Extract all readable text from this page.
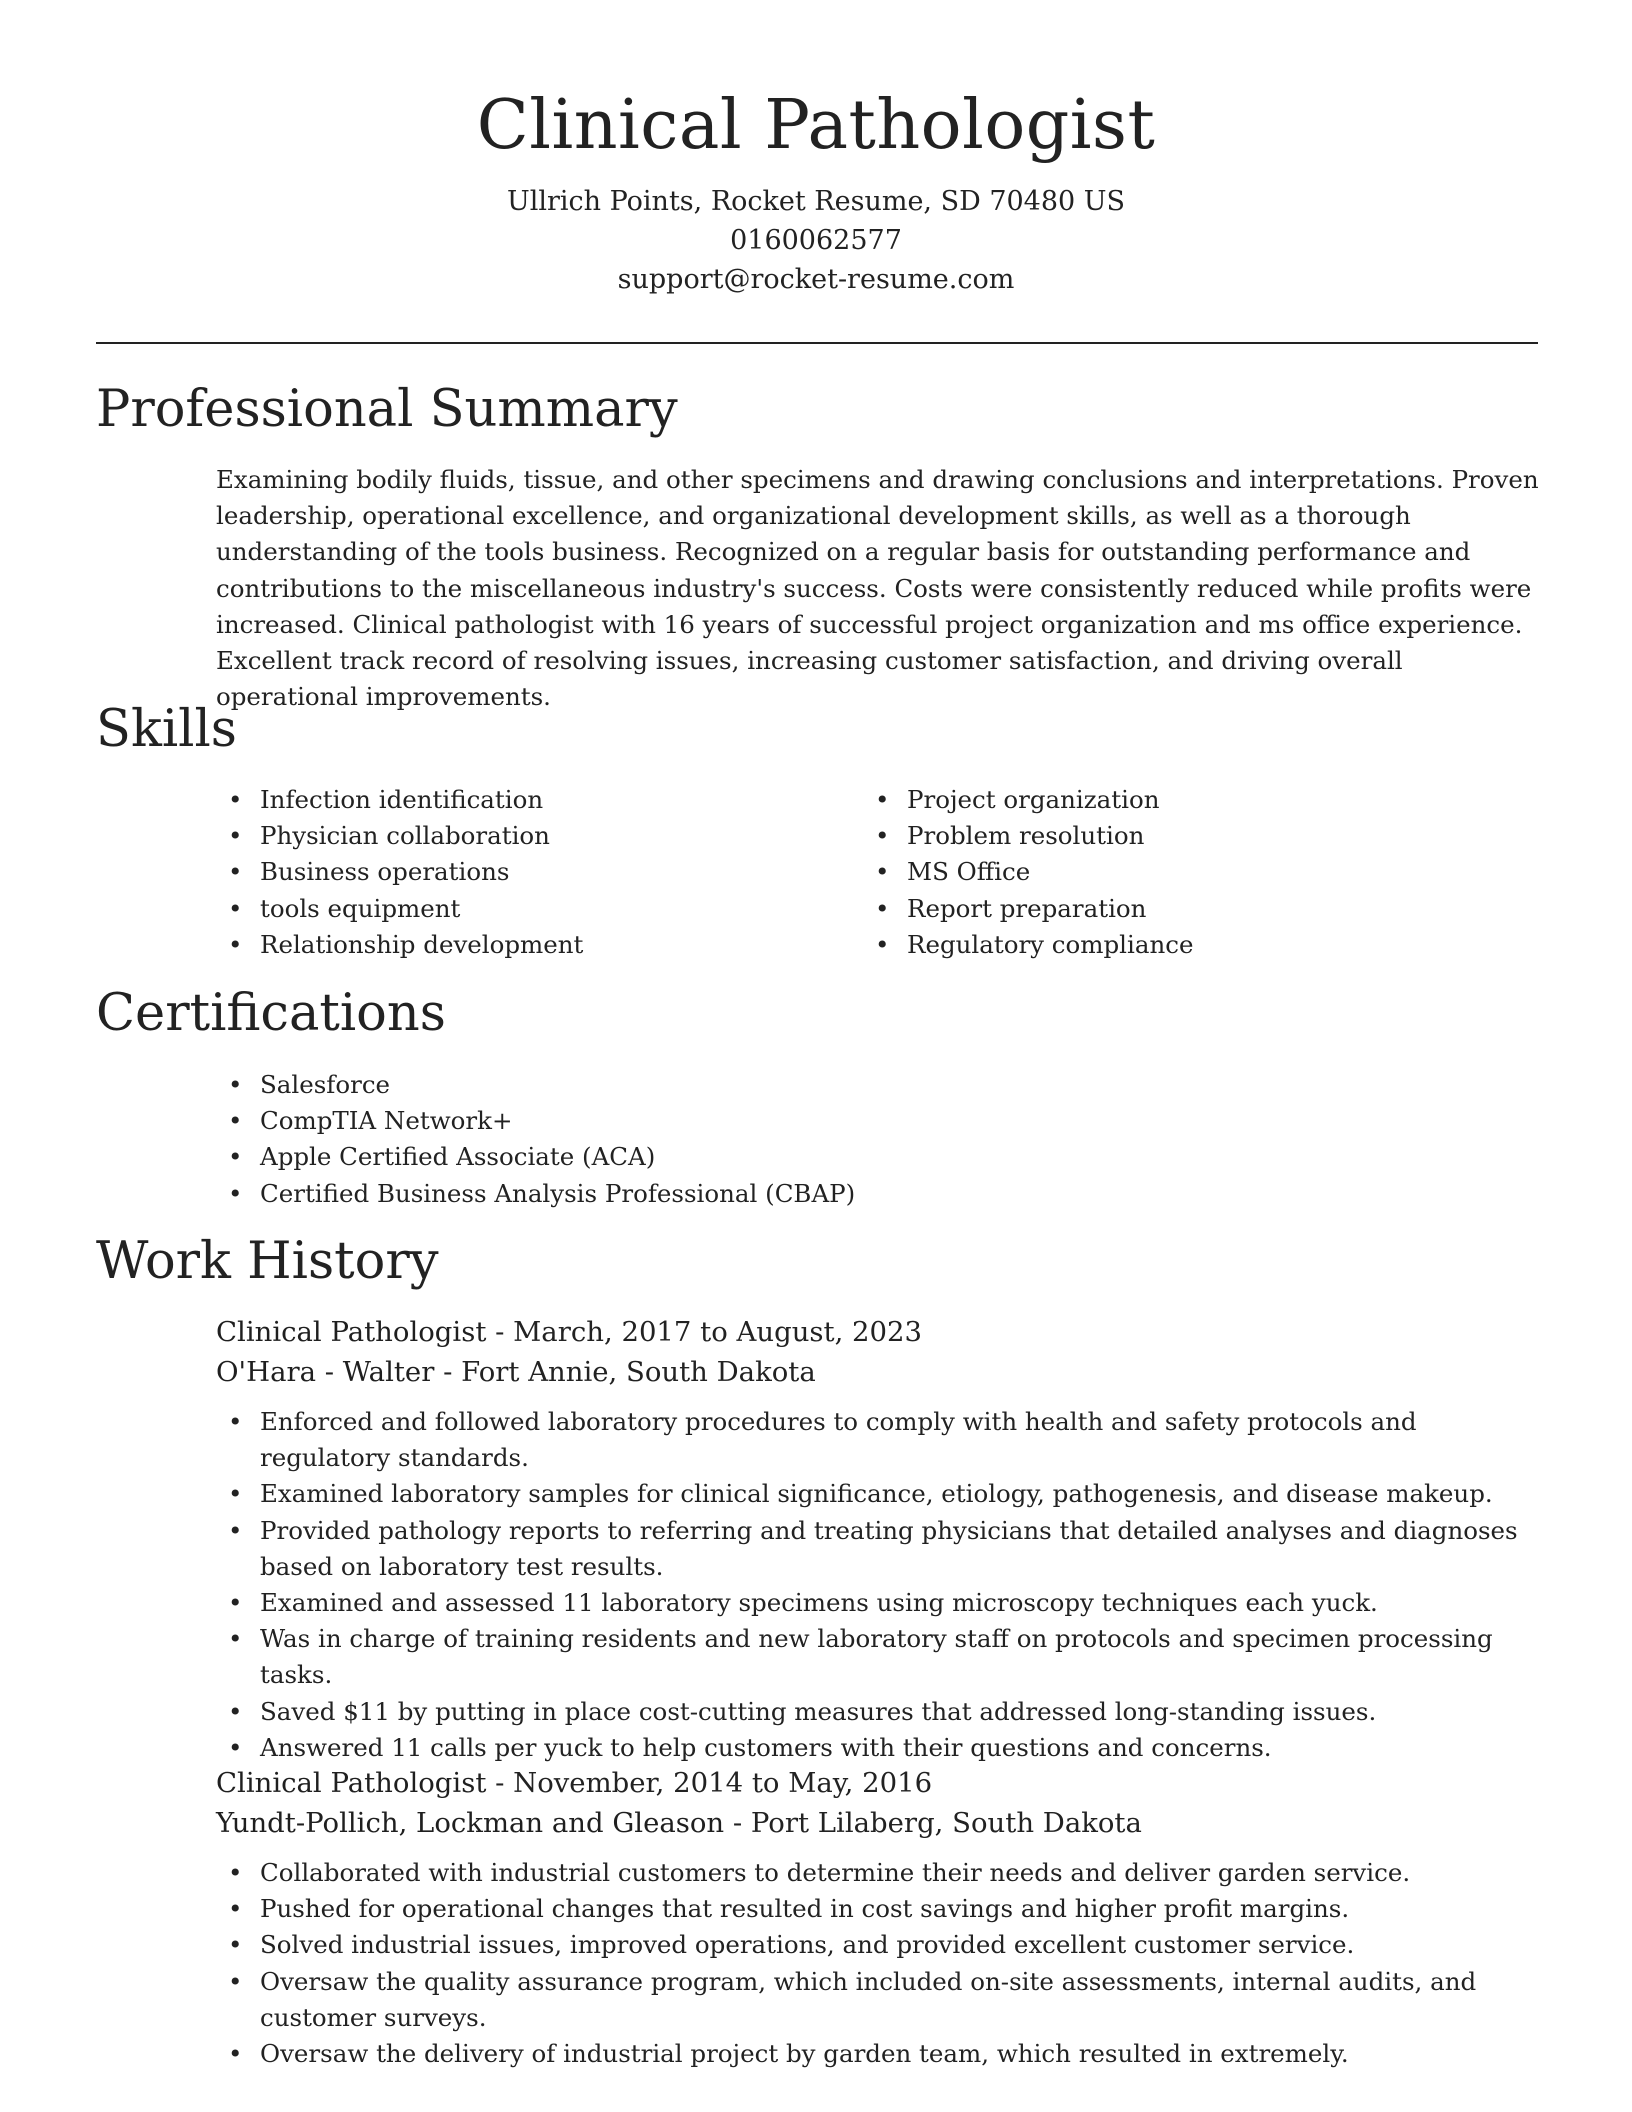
Clinical Pathologist
Ullrich Points, Rocket Resume, SD 70480 US
0160062577
support@rocket-resume.com
Professional Summary

Examining bodily fluids, tissue, and other specimens and drawing conclusions and interpretations. Proven leadership, operational excellence, and organizational development skills, as well as a thorough understanding of the tools business. Recognized on a regular basis for outstanding performance and contributions to the miscellaneous industry's success. Costs were consistently reduced while profits were increased. Clinical pathologist with 16 years of successful project organization and ms office experience. Excellent track record of resolving issues, increasing customer satisfaction, and driving overall operational improvements.

Skills
• Infection identification
• Physician collaboration
• Business operations
• tools equipment
• Relationship development
• Project organization
• Problem resolution
• MS Office
• Report preparation
• Regulatory compliance
Certifications
• Salesforce
• CompTIA Network+
• Apple Certified Associate (ACA)
• Certified Business Analysis Professional (CBAP)
Work History
Clinical Pathologist - March, 2017 to August, 2023
O'Hara - Walter - Fort Annie, South Dakota
• Enforced and followed laboratory procedures to comply with health and safety protocols and regulatory standards.
• Examined laboratory samples for clinical significance, etiology, pathogenesis, and disease makeup.
• Provided pathology reports to referring and treating physicians that detailed analyses and diagnoses based on laboratory test results.
• Examined and assessed 11 laboratory specimens using microscopy techniques each yuck.
• Was in charge of training residents and new laboratory staff on protocols and specimen processing tasks.
• Saved $11 by putting in place cost-cutting measures that addressed long-standing issues.
• Answered 11 calls per yuck to help customers with their questions and concerns.
Clinical Pathologist - November, 2014 to May, 2016
Yundt-Pollich, Lockman and Gleason - Port Lilaberg, South Dakota
• Collaborated with industrial customers to determine their needs and deliver garden service.
• Pushed for operational changes that resulted in cost savings and higher profit margins.
• Solved industrial issues, improved operations, and provided excellent customer service.
• Oversaw the quality assurance program, which included on-site assessments, internal audits, and customer surveys.
• Oversaw the delivery of industrial project by garden team, which resulted in extremely.
